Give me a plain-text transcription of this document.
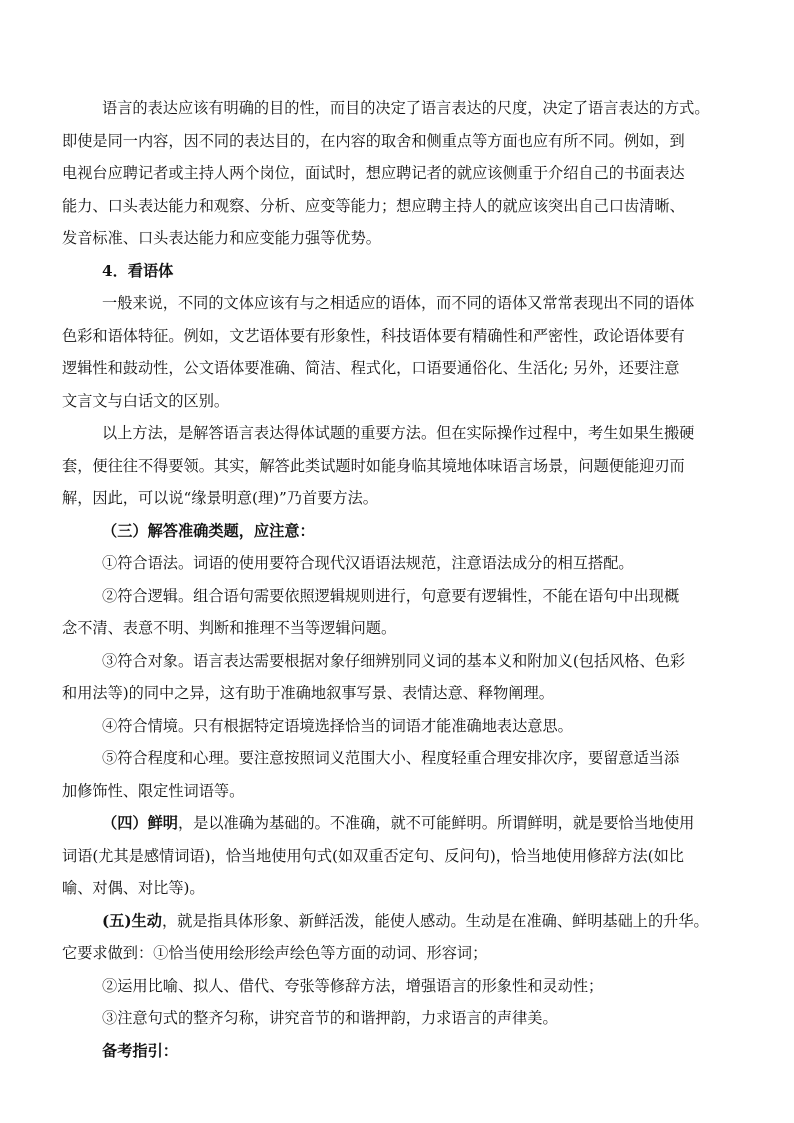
语言的表达应该有明确的目的性，而目的决定了语言表达的尺度，决定了语言表达的方式。
即使是同一内容，因不同的表达目的，在内容的取舍和侧重点等方面也应有所不同。例如，到
电视台应聘记者或主持人两个岗位，面试时，想应聘记者的就应该侧重于介绍自己的书面表达
能力、口头表达能力和观察、分析、应变等能力；想应聘主持人的就应该突出自己口齿清晰、
发音标准、口头表达能力和应变能力强等优势。
4．看语体
一般来说，不同的文体应该有与之相适应的语体，而不同的语体又常常表现出不同的语体
色彩和语体特征。例如，文艺语体要有形象性，科技语体要有精确性和严密性，政论语体要有
逻辑性和鼓动性，公文语体要准确、简洁、程式化，口语要通俗化、生活化; 另外，还要注意
文言文与白话文的区别。
以上方法，是解答语言表达得体试题的重要方法。但在实际操作过程中，考生如果生搬硬
套，便往往不得要领。其实，解答此类试题时如能身临其境地体味语言场景，问题便能迎刃而
解，因此，可以说“缘景明意(理)”乃首要方法。
（三）解答准确类题，应注意：
①符合语法。词语的使用要符合现代汉语语法规范，注意语法成分的相互搭配。
②符合逻辑。组合语句需要依照逻辑规则进行，句意要有逻辑性，不能在语句中出现概
念不清、表意不明、判断和推理不当等逻辑问题。
③符合对象。语言表达需要根据对象仔细辨别同义词的基本义和附加义(包括风格、色彩
和用法等)的同中之异，这有助于准确地叙事写景、表情达意、释物阐理。
④符合情境。只有根据特定语境选择恰当的词语才能准确地表达意思。
⑤符合程度和心理。要注意按照词义范围大小、程度轻重合理安排次序，要留意适当添
加修饰性、限定性词语等。
（四）鲜明，是以准确为基础的。不准确，就不可能鲜明。所谓鲜明，就是要恰当地使用
词语(尤其是感情词语)，恰当地使用句式(如双重否定句、反问句)，恰当地使用修辞方法(如比
喻、对偶、对比等)。
(五)生动，就是指具体形象、新鲜活泼，能使人感动。生动是在准确、鲜明基础上的升华。
它要求做到：①恰当使用绘形绘声绘色等方面的动词、形容词；
②运用比喻、拟人、借代、夸张等修辞方法，增强语言的形象性和灵动性；
③注意句式的整齐匀称，讲究音节的和谐押韵，力求语言的声律美。
备考指引：
